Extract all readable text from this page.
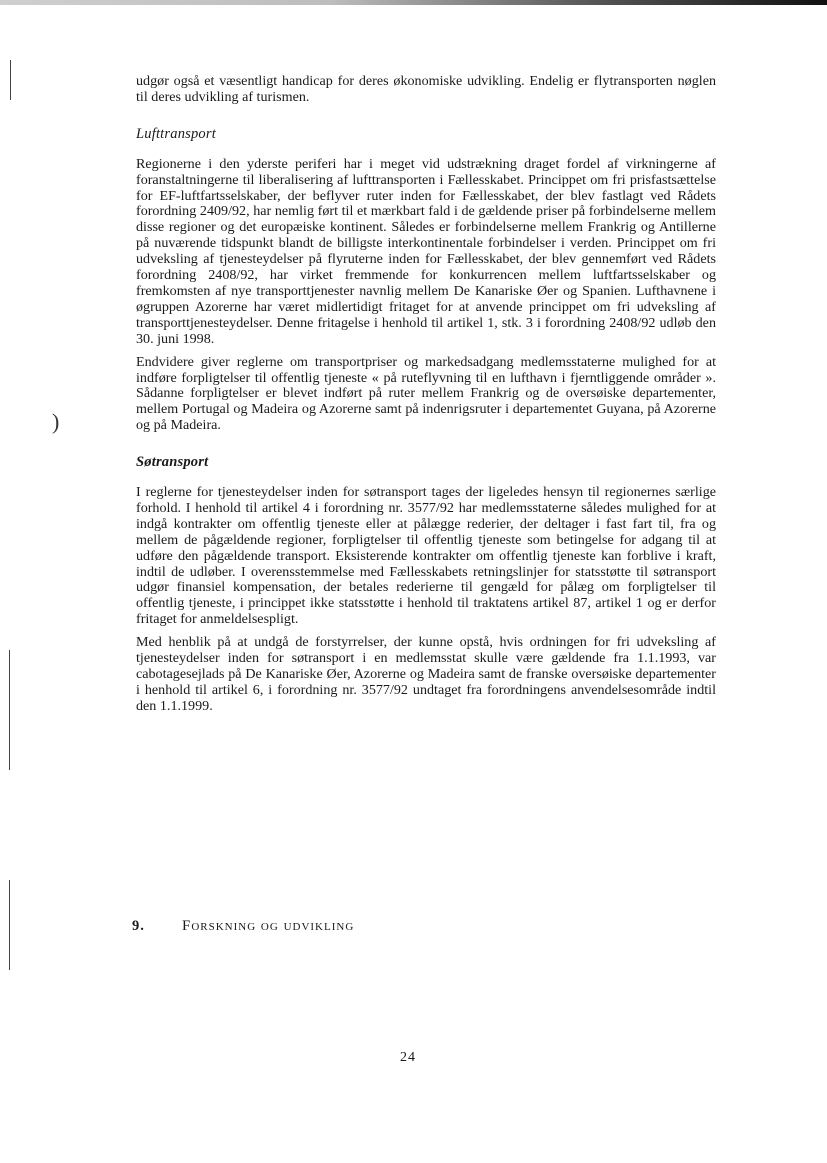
)

udgør også et væsentligt handicap for deres økonomiske udvikling. Endelig er flytransporten nøglen til deres udvikling af turismen.

Lufttransport

Regionerne i den yderste periferi har i meget vid udstrækning draget fordel af virkningerne af foranstaltningerne til liberalisering af lufttransporten i Fællesskabet. Princippet om fri prisfastsættelse for EF-luftfartsselskaber, der beflyver ruter inden for Fællesskabet, der blev fastlagt ved Rådets forordning 2409/92, har nemlig ført til et mærkbart fald i de gældende priser på forbindelserne mellem disse regioner og det europæiske kontinent. Således er forbindelserne mellem Frankrig og Antillerne på nuværende tidspunkt blandt de billigste interkontinentale forbindelser i verden. Princippet om fri udveksling af tjenesteydelser på flyruterne inden for Fællesskabet, der blev gennemført ved Rådets forordning 2408/92, har virket fremmende for konkurrencen mellem luftfartsselskaber og fremkomsten af nye transporttjenester navnlig mellem De Kanariske Øer og Spanien. Lufthavnene i øgruppen Azorerne har været midlertidigt fritaget for at anvende princippet om fri udveksling af transporttjenesteydelser. Denne fritagelse i henhold til artikel 1, stk. 3 i forordning 2408/92 udløb den 30. juni 1998.

Endvidere giver reglerne om transportpriser og markedsadgang medlemsstaterne mulighed for at indføre forpligtelser til offentlig tjeneste « på ruteflyvning til en lufthavn i fjerntliggende områder ». Sådanne forpligtelser er blevet indført på ruter mellem Frankrig og de oversøiske departementer, mellem Portugal og Madeira og Azorerne samt på indenrigsruter i departementet Guyana, på Azorerne og på Madeira.

Søtransport

I reglerne for tjenesteydelser inden for søtransport tages der ligeledes hensyn til regionernes særlige forhold. I henhold til artikel 4 i forordning nr. 3577/92 har medlemsstaterne således mulighed for at indgå kontrakter om offentlig tjeneste eller at pålægge rederier, der deltager i fast fart til, fra og mellem de pågældende regioner, forpligtelser til offentlig tjeneste som betingelse for adgang til at udføre den pågældende transport. Eksisterende kontrakter om offentlig tjeneste kan forblive i kraft, indtil de udløber. I overensstemmelse med Fællesskabets retningslinjer for statsstøtte til søtransport udgør finansiel kompensation, der betales rederierne til gengæld for pålæg om forpligtelser til offentlig tjeneste, i princippet ikke statsstøtte i henhold til traktatens artikel 87, artikel 1 og er derfor fritaget for anmeldelsespligt.

Med henblik på at undgå de forstyrrelser, der kunne opstå, hvis ordningen for fri udveksling af tjenesteydelser inden for søtransport i en medlemsstat skulle være gældende fra 1.1.1993, var cabotagesejlads på De Kanariske Øer, Azorerne og Madeira samt de franske oversøiske departementer i henhold til artikel 6, i forordning nr. 3577/92 undtaget fra forordningens anvendelsesområde indtil den 1.1.1999.

9. Forskning og udvikling
24
